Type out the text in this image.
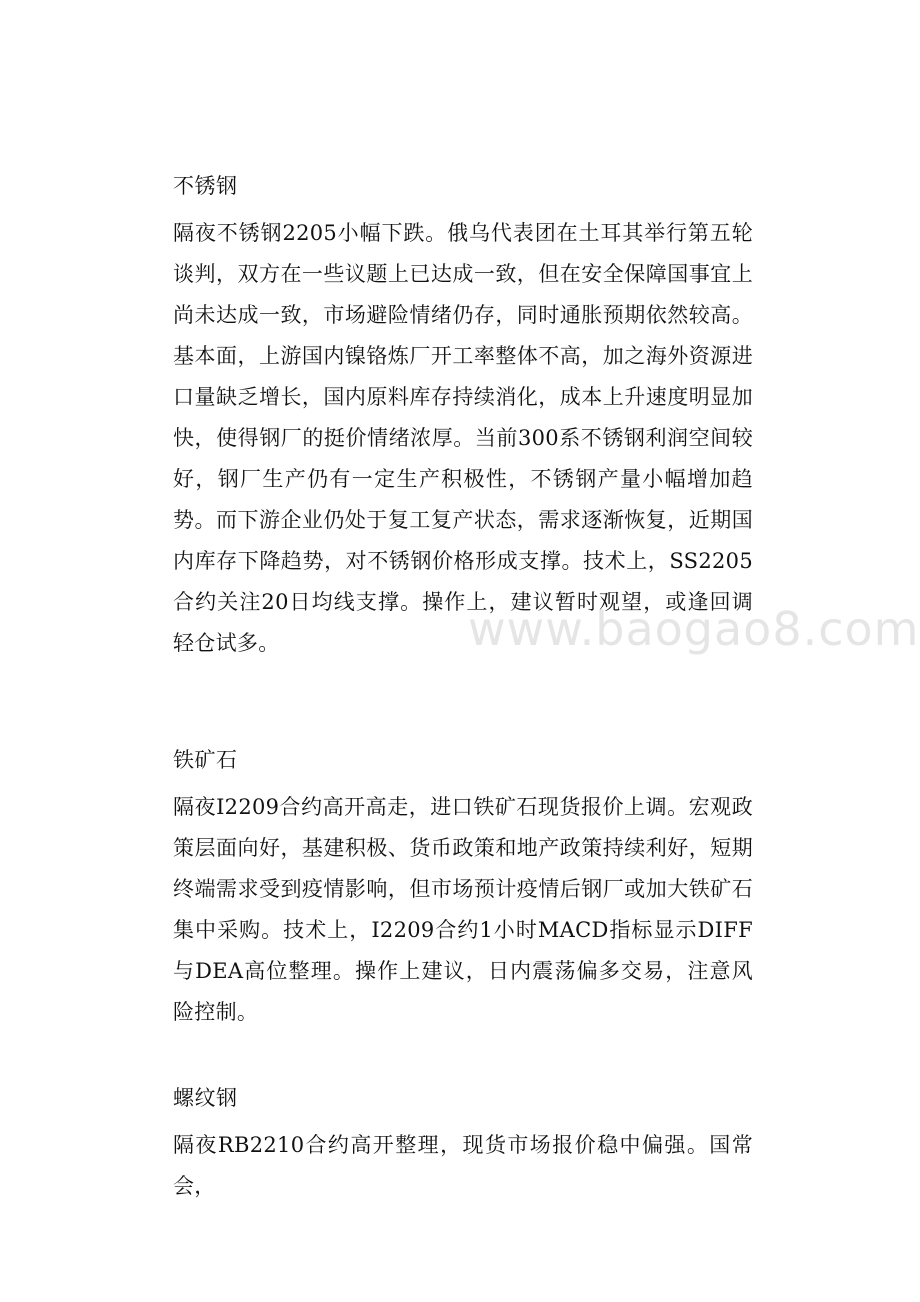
不锈钢

隔夜不锈钢2205小幅下跌。俄乌代表团在土耳其举行第五轮谈判，双方在一些议题上已达成一致，但在安全保障国事宜上尚未达成一致，市场避险情绪仍存，同时通胀预期依然较高。基本面，上游国内镍铬炼厂开工率整体不高，加之海外资源进口量缺乏增长，国内原料库存持续消化，成本上升速度明显加快，使得钢厂的挺价情绪浓厚。当前300系不锈钢利润空间较好，钢厂生产仍有一定生产积极性，不锈钢产量小幅增加趋势。而下游企业仍处于复工复产状态，需求逐渐恢复，近期国内库存下降趋势，对不锈钢价格形成支撑。技术上，SS2205合约关注20日均线支撑。操作上，建议暂时观望，或逢回调轻仓试多。

铁矿石

隔夜I2209合约高开高走，进口铁矿石现货报价上调。宏观政策层面向好，基建积极、货币政策和地产政策持续利好，短期终端需求受到疫情影响，但市场预计疫情后钢厂或加大铁矿石集中采购。技术上，I2209合约1小时MACD指标显示DIFF与DEA高位整理。操作上建议，日内震荡偏多交易，注意风险控制。

螺纹钢

隔夜RB2210合约高开整理，现货市场报价稳中偏强。国常会，

www.baogao8.com
